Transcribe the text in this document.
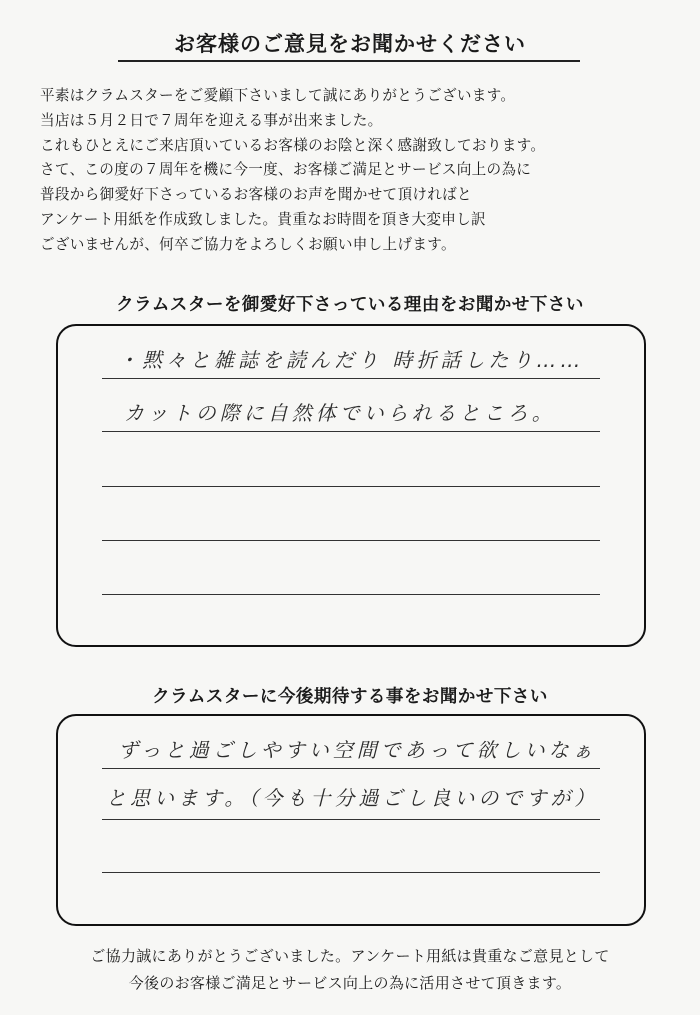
お客様のご意見をお聞かせください
平素はクラムスターをご愛顧下さいまして誠にありがとうございます。
当店は５月２日で７周年を迎える事が出来ました。
これもひとえにご来店頂いているお客様のお陰と深く感謝致しております。
さて、この度の７周年を機に今一度、お客様ご満足とサービス向上の為に
普段から御愛好下さっているお客様のお声を聞かせて頂ければと
アンケート用紙を作成致しました。貴重なお時間を頂き大変申し訳
ございませんが、何卒ご協力をよろしくお願い申し上げます。
クラムスターを御愛好下さっている理由をお聞かせ下さい
・黙々と雑誌を読んだり 時折話したり……
カットの際に自然体でいられるところ。
クラムスターに今後期待する事をお聞かせ下さい
ずっと過ごしやすい空間であって欲しいなぁ
と思います。（今も十分過ごし良いのですが）
ご協力誠にありがとうございました。アンケート用紙は貴重なご意見として
今後のお客様ご満足とサービス向上の為に活用させて頂きます。
